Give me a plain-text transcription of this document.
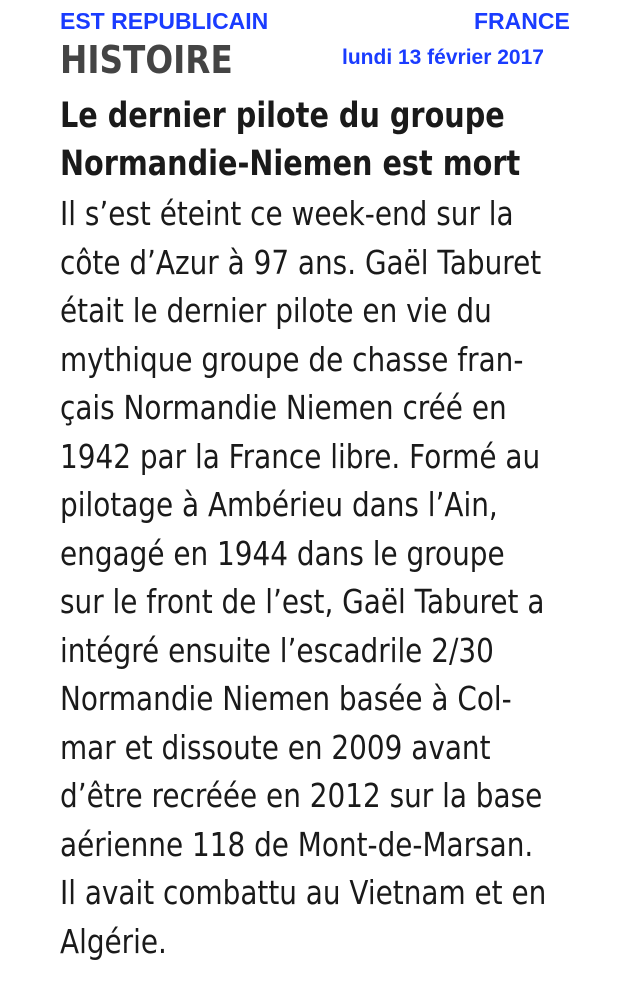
EST REPUBLICAIN	FRANCE
HISTOIRE	lundi 13 février 2017
Le dernier pilote du groupe
Normandie-Niemen est mort
Il s’est éteint ce week-end sur la
côte d’Azur à 97 ans. Gaël Taburet
était le dernier pilote en vie du
mythique groupe de chasse fran-
çais Normandie Niemen créé en
1942 par la France libre. Formé au
pilotage à Ambérieu dans l’Ain,
engagé en 1944 dans le groupe
sur le front de l’est, Gaël Taburet a
intégré ensuite l’escadrile 2/30
Normandie Niemen basée à Col-
mar et dissoute en 2009 avant
d’être recréée en 2012 sur la base
aérienne 118 de Mont-de-Marsan.
Il avait combattu au Vietnam et en
Algérie.
